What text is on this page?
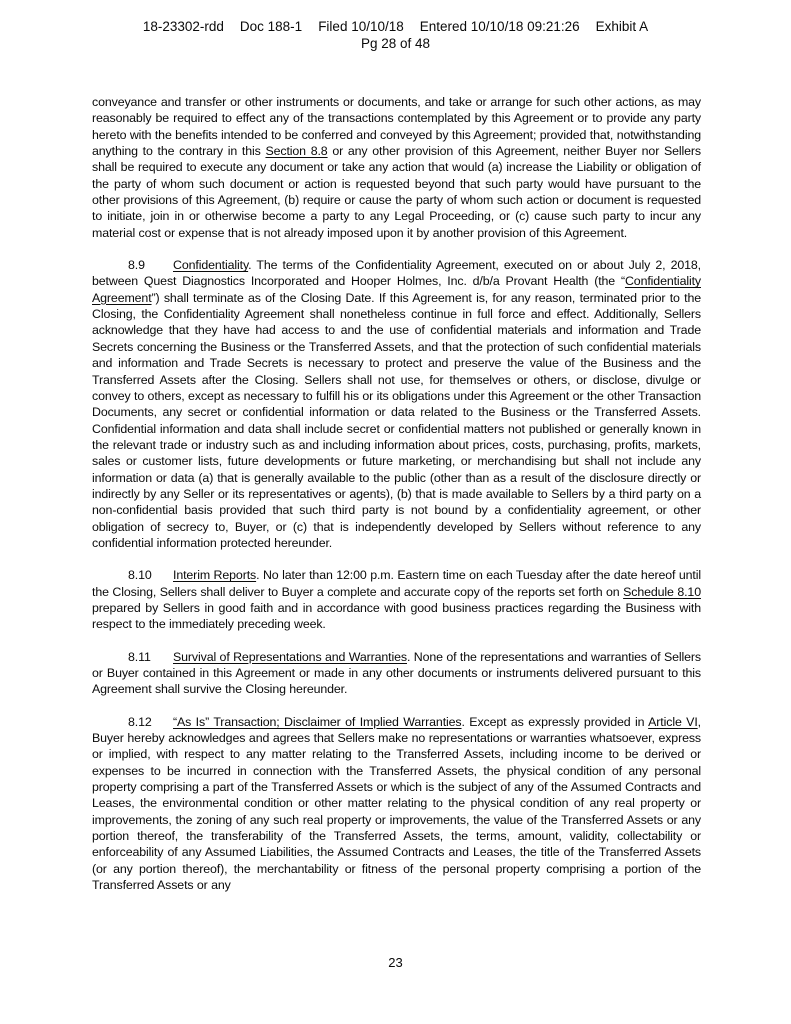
18-23302-rdd Doc 188-1 Filed 10/10/18 Entered 10/10/18 09:21:26 Exhibit A
Pg 28 of 48

conveyance and transfer or other instruments or documents, and take or arrange for such other actions, as may reasonably be required to effect any of the transactions contemplated by this Agreement or to provide any party hereto with the benefits intended to be conferred and conveyed by this Agreement; provided that, notwithstanding anything to the contrary in this Section 8.8 or any other provision of this Agreement, neither Buyer nor Sellers shall be required to execute any document or take any action that would (a) increase the Liability or obligation of the party of whom such document or action is requested beyond that such party would have pursuant to the other provisions of this Agreement, (b) require or cause the party of whom such action or document is requested to initiate, join in or otherwise become a party to any Legal Proceeding, or (c) cause such party to incur any material cost or expense that is not already imposed upon it by another provision of this Agreement.

8.9 Confidentiality. The terms of the Confidentiality Agreement, executed on or about July 2, 2018, between Quest Diagnostics Incorporated and Hooper Holmes, Inc. d/b/a Provant Health (the “Confidentiality Agreement”) shall terminate as of the Closing Date. If this Agreement is, for any reason, terminated prior to the Closing, the Confidentiality Agreement shall nonetheless continue in full force and effect. Additionally, Sellers acknowledge that they have had access to and the use of confidential materials and information and Trade Secrets concerning the Business or the Transferred Assets, and that the protection of such confidential materials and information and Trade Secrets is necessary to protect and preserve the value of the Business and the Transferred Assets after the Closing. Sellers shall not use, for themselves or others, or disclose, divulge or convey to others, except as necessary to fulfill his or its obligations under this Agreement or the other Transaction Documents, any secret or confidential information or data related to the Business or the Transferred Assets. Confidential information and data shall include secret or confidential matters not published or generally known in the relevant trade or industry such as and including information about prices, costs, purchasing, profits, markets, sales or customer lists, future developments or future marketing, or merchandising but shall not include any information or data (a) that is generally available to the public (other than as a result of the disclosure directly or indirectly by any Seller or its representatives or agents), (b) that is made available to Sellers by a third party on a non-confidential basis provided that such third party is not bound by a confidentiality agreement, or other obligation of secrecy to, Buyer, or (c) that is independently developed by Sellers without reference to any confidential information protected hereunder.

8.10 Interim Reports. No later than 12:00 p.m. Eastern time on each Tuesday after the date hereof until the Closing, Sellers shall deliver to Buyer a complete and accurate copy of the reports set forth on Schedule 8.10 prepared by Sellers in good faith and in accordance with good business practices regarding the Business with respect to the immediately preceding week.

8.11 Survival of Representations and Warranties. None of the representations and warranties of Sellers or Buyer contained in this Agreement or made in any other documents or instruments delivered pursuant to this Agreement shall survive the Closing hereunder.

8.12 “As Is” Transaction; Disclaimer of Implied Warranties. Except as expressly provided in Article VI, Buyer hereby acknowledges and agrees that Sellers make no representations or warranties whatsoever, express or implied, with respect to any matter relating to the Transferred Assets, including income to be derived or expenses to be incurred in connection with the Transferred Assets, the physical condition of any personal property comprising a part of the Transferred Assets or which is the subject of any of the Assumed Contracts and Leases, the environmental condition or other matter relating to the physical condition of any real property or improvements, the zoning of any such real property or improvements, the value of the Transferred Assets or any portion thereof, the transferability of the Transferred Assets, the terms, amount, validity, collectability or enforceability of any Assumed Liabilities, the Assumed Contracts and Leases, the title of the Transferred Assets (or any portion thereof), the merchantability or fitness of the personal property comprising a portion of the Transferred Assets or any

23
